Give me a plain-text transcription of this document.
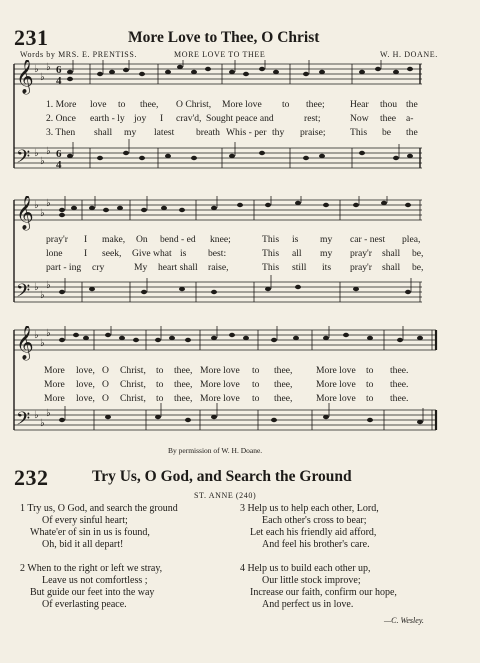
231	More Love to Thee, O Christ
Words by MRS. E. PRENTISS.	MORE LOVE TO THEE	W. H. DOANE.
𝄞
𝄢
♭
♭
♭
♭
♭
♭
6
4
6
4
1. More love to thee, O Christ, More love to thee;	Hear thou the
2. Once earth - ly joy I crav'd, Sought peace and	rest;	Now thee a-
3. Then shall my latest breath Whis - per thy praise;	This be the
𝄞
𝄢
♭
♭
♭
♭
♭
♭
pray'r I make, On bend - ed knee;	This is my car - nest plea,
lone I seek, Give what is best:	This all my pray'r shall be,
part - ing cry	My heart shall raise,	This still its pray'r shall be,
𝄞
𝄢
♭
♭
♭
♭
♭
♭
More love, O Christ, to thee, More love to thee, More love to thee.
More love, O Christ, to thee, More love to thee, More love to thee.
More love, O Christ, to thee, More love to thee, More love to thee.
By permission of W. H. Doane.
232	Try Us, O God, and Search the Ground
ST. ANNE (240)
1 Try us, O God, and search the ground
Of every sinful heart;
Whate'er of sin in us is found,
Oh, bid it all depart!
2 When to the right or left we stray,
Leave us not comfortless ;
But guide our feet into the way
Of everlasting peace.
3 Help us to help each other, Lord,
Each other's cross to bear;
Let each his friendly aid afford,
And feel his brother's care.
4 Help us to build each other up,
Our little stock improve;
Increase our faith, confirm our hope,
And perfect us in love.
—C. Wesley.
